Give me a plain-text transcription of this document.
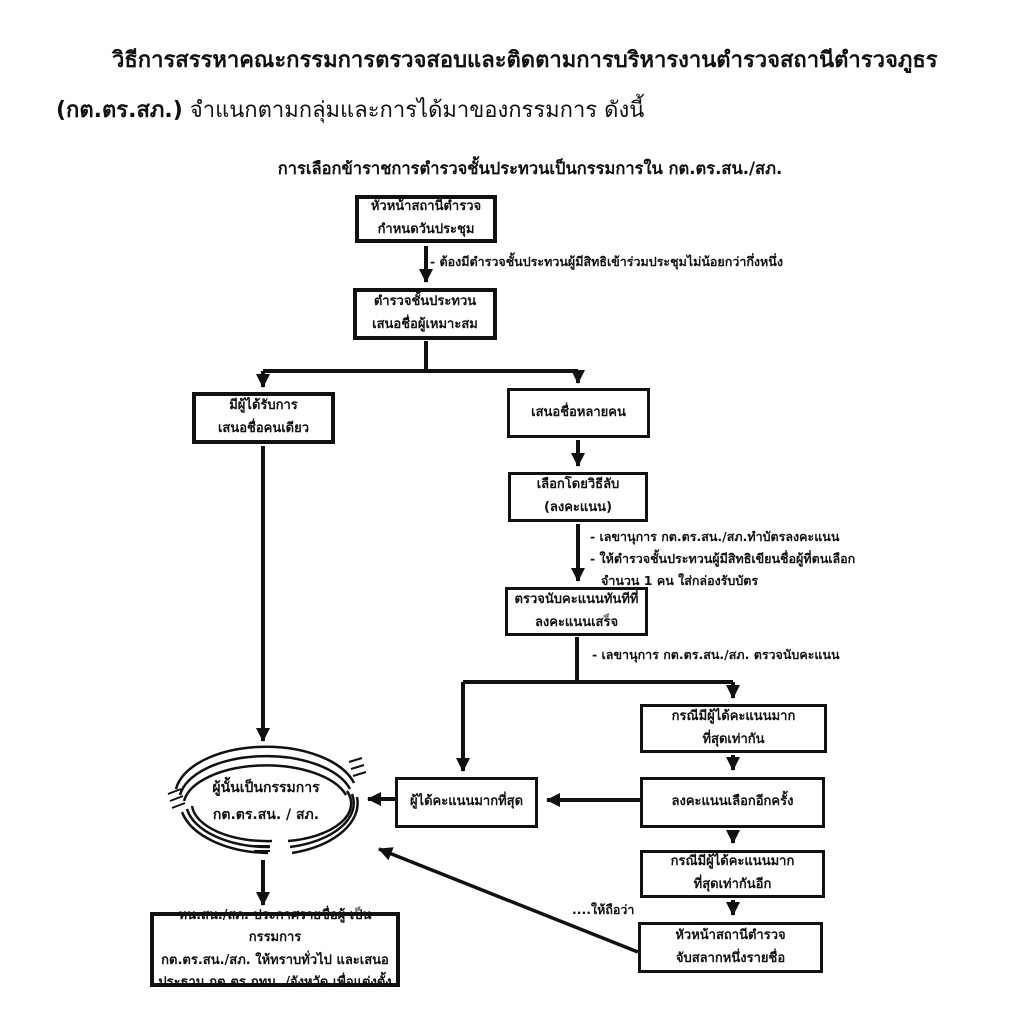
วิธีการสรรหาคณะกรรมการตรวจสอบและติดตามการบริหารงานตำรวจสถานีตำรวจภูธร
(กต.ตร.สภ.) จำแนกตามกลุ่มและการได้มาของกรรมการ ดังนี้
การเลือกข้าราชการตำรวจชั้นประทวนเป็นกรรมการใน กต.ตร.สน./สภ.
หัวหน้าสถานีตำรวจ
กำหนดวันประชุม
ตำรวจชั้นประทวน
เสนอชื่อผู้เหมาะสม
มีผู้ได้รับการ
เสนอชื่อคนเดียว
เสนอชื่อหลายคน
เลือกโดยวิธีลับ
(ลงคะแนน)
ตรวจนับคะแนนทันทีที่
ลงคะแนนเสร็จ
กรณีมีผู้ได้คะแนนมาก
ที่สุดเท่ากัน
ลงคะแนนเลือกอีกครั้ง
กรณีมีผู้ได้คะแนนมาก
ที่สุดเท่ากันอีก
หัวหน้าสถานีตำรวจ
จับสลากหนึ่งรายชื่อ
ผู้ได้คะแนนมากที่สุด
หน.สน./สภ. ประกาศรายชื่อผู้ เป็นกรรมการ
กต.ตร.สน./สภ. ให้ทราบทั่วไป และเสนอ
ประธาน กต.ตร.กทม. /จังหวัด เพื่อแต่งตั้ง
ผู้นั้นเป็นกรรมการ
กต.ตร.สน. / สภ.
- ต้องมีตำรวจชั้นประทวนผู้มีสิทธิเข้าร่วมประชุมไม่น้อยกว่ากึ่งหนึ่ง
- เลขานุการ กต.ตร.สน./สภ.ทำบัตรลงคะแนน
- ให้ตำรวจชั้นประทวนผู้มีสิทธิเขียนชื่อผู้ที่ตนเลือก
จำนวน 1 คน ใส่กล่องรับบัตร
- เลขานุการ กต.ตร.สน./สภ. ตรวจนับคะแนน
....ให้ถือว่า
